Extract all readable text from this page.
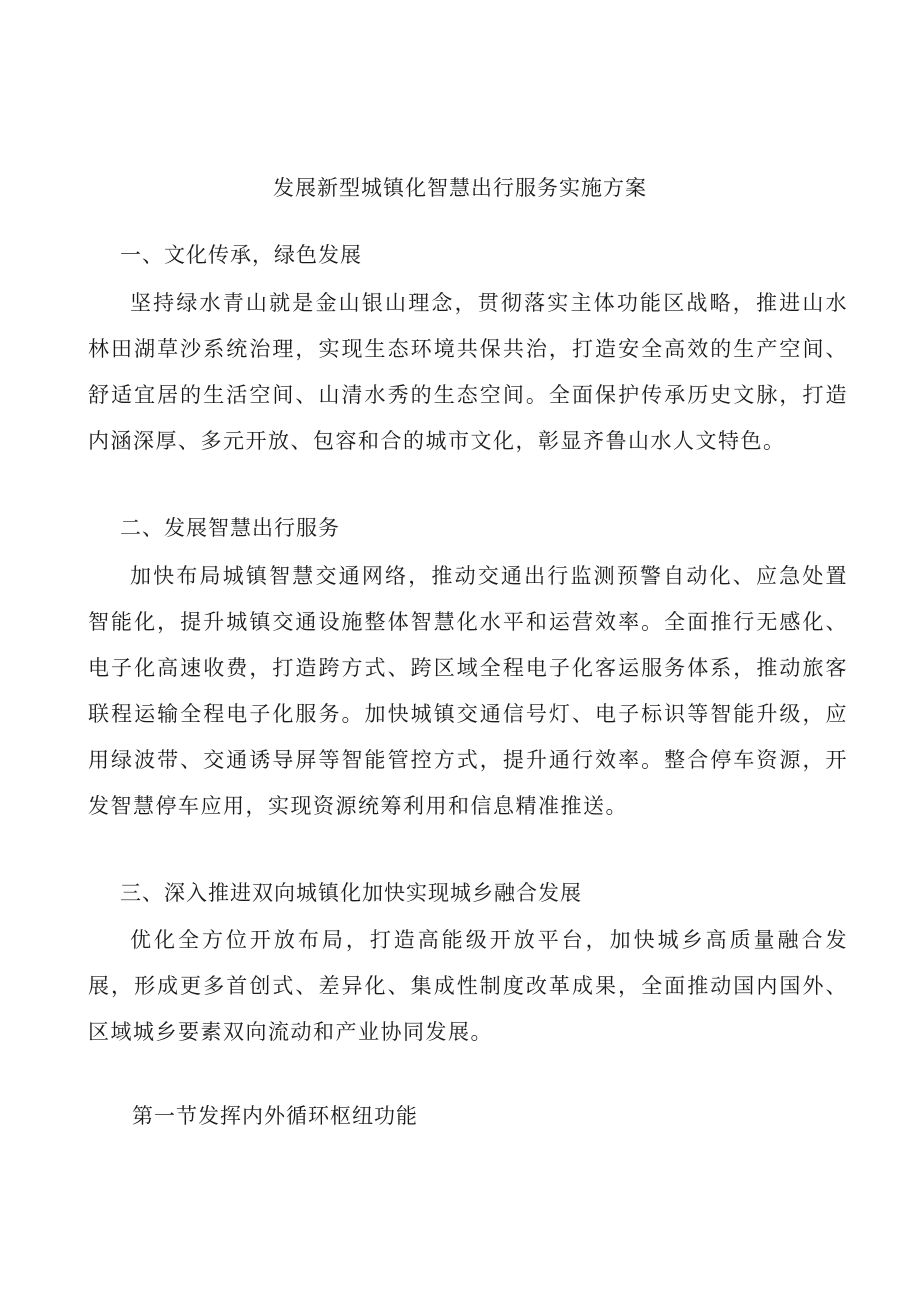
发展新型城镇化智慧出行服务实施方案
一、文化传承，绿色发展
坚持绿水青山就是金山银山理念，贯彻落实主体功能区战略，推进山水林田湖草沙系统治理，实现生态环境共保共治，打造安全高效的生产空间、舒适宜居的生活空间、山清水秀的生态空间。全面保护传承历史文脉，打造内涵深厚、多元开放、包容和合的城市文化，彰显齐鲁山水人文特色。
二、发展智慧出行服务
加快布局城镇智慧交通网络，推动交通出行监测预警自动化、应急处置智能化，提升城镇交通设施整体智慧化水平和运营效率。全面推行无感化、电子化高速收费，打造跨方式、跨区域全程电子化客运服务体系，推动旅客联程运输全程电子化服务。加快城镇交通信号灯、电子标识等智能升级，应用绿波带、交通诱导屏等智能管控方式，提升通行效率。整合停车资源，开发智慧停车应用，实现资源统筹利用和信息精准推送。
三、深入推进双向城镇化加快实现城乡融合发展
优化全方位开放布局，打造高能级开放平台，加快城乡高质量融合发展，形成更多首创式、差异化、集成性制度改革成果，全面推动国内国外、区域城乡要素双向流动和产业协同发展。
第一节发挥内外循环枢纽功能
